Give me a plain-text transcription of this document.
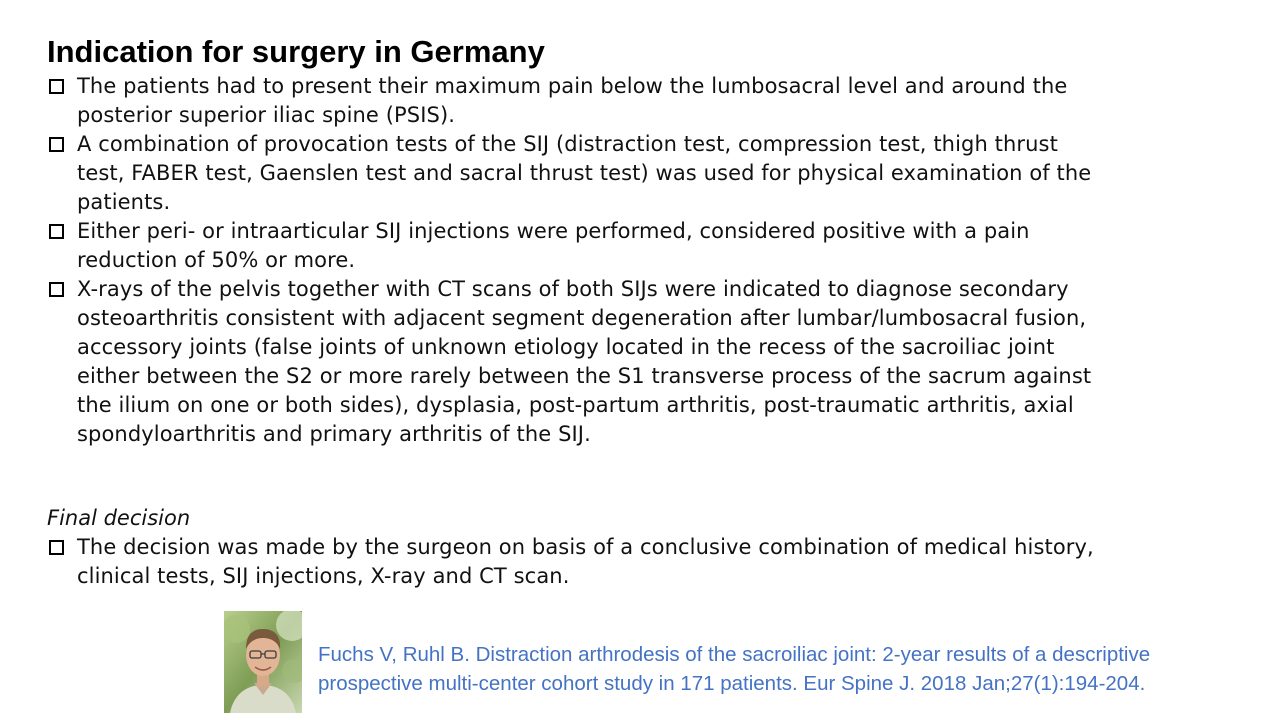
Indication for surgery in Germany
The patients had to present their maximum pain below the lumbosacral level and around the posterior superior iliac spine (PSIS).
A combination of provocation tests of the SIJ (distraction test, compression test, thigh thrust test, FABER test, Gaenslen test and sacral thrust test) was used for physical examination of the patients.
Either peri- or intraarticular SIJ injections were performed, considered positive with a pain reduction of 50% or more.
X-rays of the pelvis together with CT scans of both SIJs were indicated to diagnose secondary osteoarthritis consistent with adjacent segment degeneration after lumbar/lumbosacral fusion, accessory joints (false joints of unknown etiology located in the recess of the sacroiliac joint either between the S2 or more rarely between the S1 transverse process of the sacrum against the ilium on one or both sides), dysplasia, post-partum arthritis, post-traumatic arthritis, axial spondyloarthritis and primary arthritis of the SIJ.
Final decision
The decision was made by the surgeon on basis of a conclusive combination of medical history, clinical tests, SIJ injections, X-ray and CT scan.

Fuchs V, Ruhl B. Distraction arthrodesis of the sacroiliac joint: 2-year results of a descriptive prospective multi-center cohort study in 171 patients. Eur Spine J. 2018 Jan;27(1):194-204.
